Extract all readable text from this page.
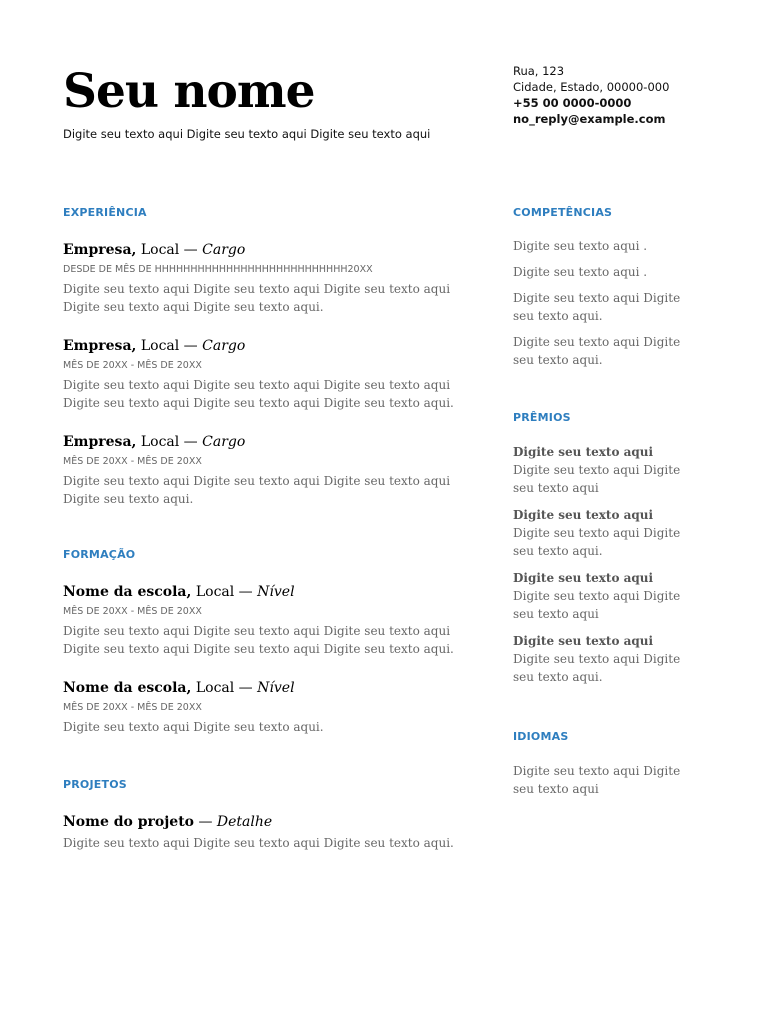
Seu nome
Digite seu texto aqui Digite seu texto aqui Digite seu texto aqui
Rua, 123
Cidade, Estado, 00000-000
+55 00 0000-0000
no_reply@example.com
EXPERIÊNCIA
Empresa, Local — Cargo
DESDE DE MÊS DE HHHHHHHHHHHHHHHHHHHHHHHHHHH20XX
Digite seu texto aqui Digite seu texto aqui Digite seu texto aqui Digite seu texto aqui Digite seu texto aqui.
Empresa, Local — Cargo
MÊS DE 20XX - MÊS DE 20XX
Digite seu texto aqui Digite seu texto aqui Digite seu texto aqui Digite seu texto aqui Digite seu texto aqui Digite seu texto aqui.
Empresa, Local — Cargo
MÊS DE 20XX - MÊS DE 20XX
Digite seu texto aqui Digite seu texto aqui Digite seu texto aqui Digite seu texto aqui.
FORMAÇÃO
Nome da escola, Local — Nível
MÊS DE 20XX - MÊS DE 20XX
Digite seu texto aqui Digite seu texto aqui Digite seu texto aqui Digite seu texto aqui Digite seu texto aqui Digite seu texto aqui.
Nome da escola, Local — Nível
MÊS DE 20XX - MÊS DE 20XX
Digite seu texto aqui Digite seu texto aqui.
PROJETOS
Nome do projeto — Detalhe
Digite seu texto aqui Digite seu texto aqui Digite seu texto aqui.
COMPETÊNCIAS
Digite seu texto aqui .
Digite seu texto aqui .
Digite seu texto aqui Digite seu texto aqui.
Digite seu texto aqui Digite seu texto aqui.
PRÊMIOS
Digite seu texto aqui Digite seu texto aqui Digite seu texto aqui
Digite seu texto aqui Digite seu texto aqui Digite seu texto aqui.
Digite seu texto aqui Digite seu texto aqui Digite seu texto aqui
Digite seu texto aqui Digite seu texto aqui Digite seu texto aqui.
IDIOMAS
Digite seu texto aqui Digite seu texto aqui
